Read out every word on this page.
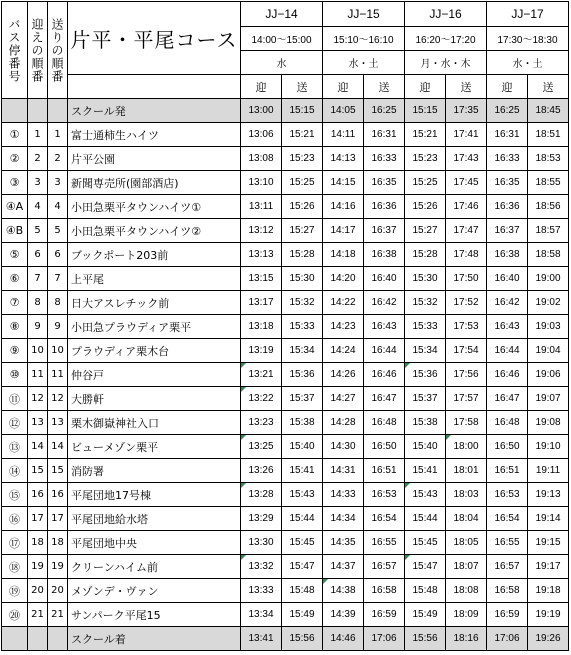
バス停番号	迎えの順番	送りの順番	片平・平尾コース	JJ−14		JJ−15		JJ−16		JJ−17	
				14:00〜15:00		15:10〜16:10		16:20〜17:20		17:30〜18:30	
				水		水・土		月・水・木		水・土	
				迎	送	迎	送	迎	送	迎	送
			スクール発	13:00	15:15	14:05	16:25	15:15	17:35	16:25	18:45
①	1	1	富士通柿生ハイツ	13:06	15:21	14:11	16:31	15:21	17:41	16:31	18:51
②	2	2	片平公園	13:08	15:23	14:13	16:33	15:23	17:43	16:33	18:53
③	3	3	新聞専売所(園部酒店)	13:10	15:25	14:15	16:35	15:25	17:45	16:35	18:55
④A	4	4	小田急栗平タウンハイツ①	13:11	15:26	14:16	16:36	15:26	17:46	16:36	18:56
④B	5	5	小田急栗平タウンハイツ②	13:12	15:27	14:17	16:37	15:27	17:47	16:37	18:57
⑤	6	6	ブックポート203前	13:13	15:28	14:18	16:38	15:28	17:48	16:38	18:58
⑥	7	7	上平尾	13:15	15:30	14:20	16:40	15:30	17:50	16:40	19:00
⑦	8	8	日大アスレチック前	13:17	15:32	14:22	16:42	15:32	17:52	16:42	19:02
⑧	9	9	小田急プラウディア栗平	13:18	15:33	14:23	16:43	15:33	17:53	16:43	19:03
⑨	10	10	プラウディア栗木台	13:19	15:34	14:24	16:44	15:34	17:54	16:44	19:04
⑩	11	11	仲谷戸	13:21	15:36	14:26	16:46	15:36	17:56	16:46	19:06
⑪	12	12	大勝軒	13:22	15:37	14:27	16:47	15:37	17:57	16:47	19:07
⑫	13	13	栗木御嶽神社入口	13:23	15:38	14:28	16:48	15:38	17:58	16:48	19:08
⑬	14	14	ビューメゾン栗平	13:25	15:40	14:30	16:50	15:40	18:00	16:50	19:10
⑭	15	15	消防署	13:26	15:41	14:31	16:51	15:41	18:01	16:51	19:11
⑮	16	16	平尾団地17号棟	13:28	15:43	14:33	16:53	15:43	18:03	16:53	19:13
⑯	17	17	平尾団地給水塔	13:29	15:44	14:34	16:54	15:44	18:04	16:54	19:14
⑰	18	18	平尾団地中央	13:30	15:45	14:35	16:55	15:45	18:05	16:55	19:15
⑱	19	19	クリーンハイム前	13:32	15:47	14:37	16:57	15:47	18:07	16:57	19:17
⑲	20	20	メゾンデ・ヴァン	13:33	15:48	14:38	16:58	15:48	18:08	16:58	19:18
⑳	21	21	サンパーク平尾15	13:34	15:49	14:39	16:59	15:49	18:09	16:59	19:19
			スクール着	13:41	15:56	14:46	17:06	15:56	18:16	17:06	19:26
